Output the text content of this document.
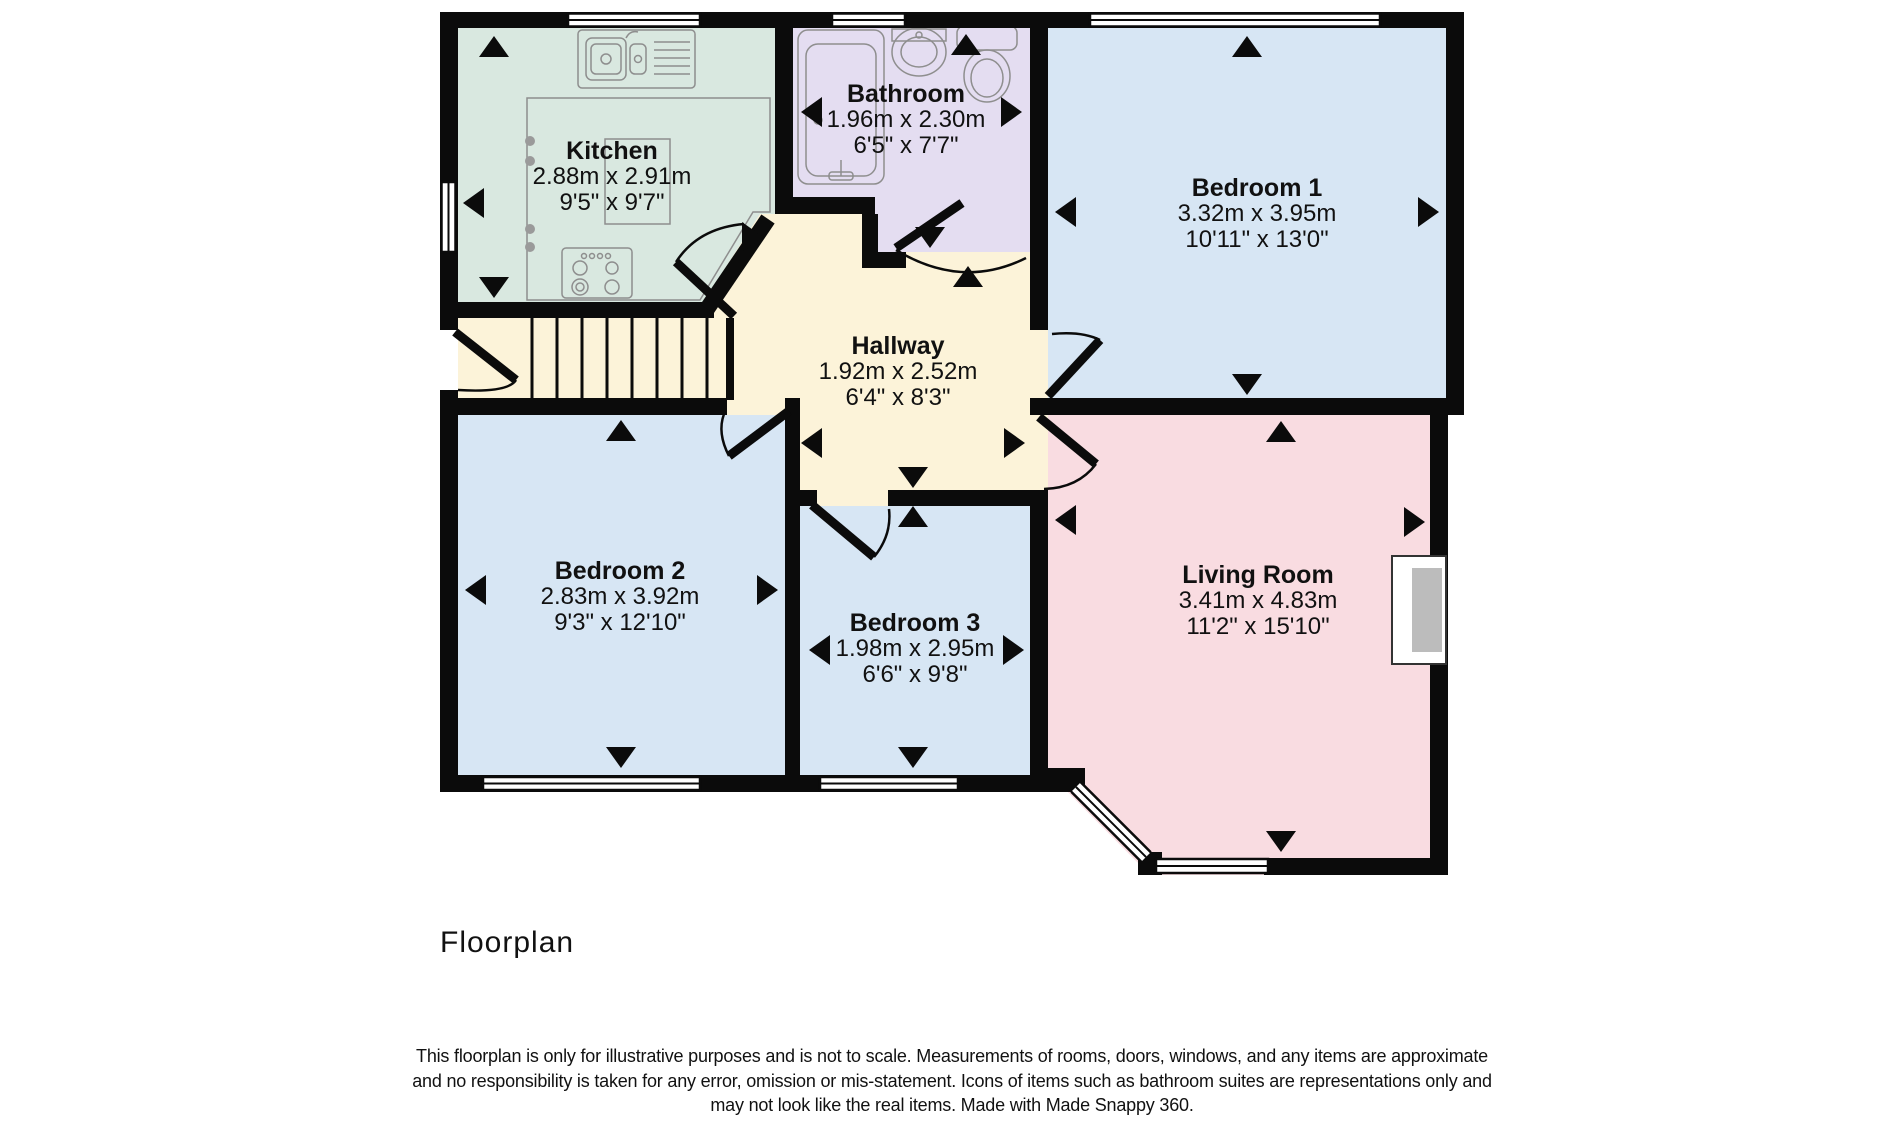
Kitchen
2.88m x 2.91m
9'5" x 9'7"
Bathroom
1.96m x 2.30m
6'5" x 7'7"
Bedroom 1
3.32m x 3.95m
10'11" x 13'0"
Hallway
1.92m x 2.52m
6'4" x 8'3"
Bedroom 2
2.83m x 3.92m
9'3" x 12'10"	Bedroom 3
1.98m x 2.95m
6'6" x 9'8"
Living Room
3.41m x 4.83m
11'2" x 15'10"
Floorplan
This floorplan is only for illustrative purposes and is not to scale. Measurements of rooms, doors, windows, and any items are approximate
and no responsibility is taken for any error, omission or mis-statement. Icons of items such as bathroom suites are representations only and
may not look like the real items. Made with Made Snappy 360.
